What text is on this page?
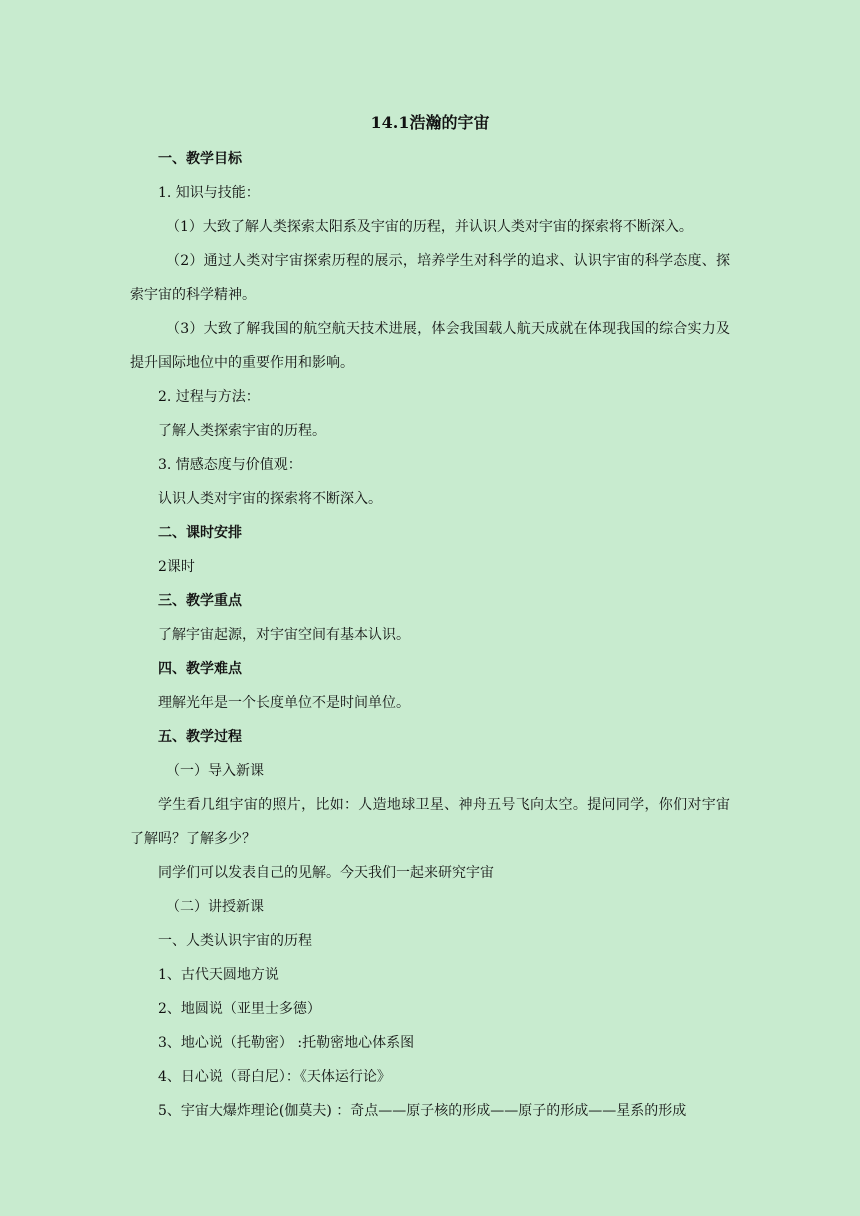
14.1浩瀚的宇宙

一、教学目标

1. 知识与技能：

（1）大致了解人类探索太阳系及宇宙的历程，并认识人类对宇宙的探索将不断深入。

（2）通过人类对宇宙探索历程的展示，培养学生对科学的追求、认识宇宙的科学态度、探索宇宙的科学精神。

（3）大致了解我国的航空航天技术进展，体会我国载人航天成就在体现我国的综合实力及提升国际地位中的重要作用和影响。

2. 过程与方法：

了解人类探索宇宙的历程。

3. 情感态度与价值观：

认识人类对宇宙的探索将不断深入。

二、课时安排

2课时

三、教学重点

了解宇宙起源，对宇宙空间有基本认识。

四、教学难点

理解光年是一个长度单位不是时间单位。

五、教学过程

（一）导入新课

学生看几组宇宙的照片，比如：人造地球卫星、神舟五号飞向太空。提问同学，你们对宇宙了解吗？了解多少？

同学们可以发表自己的见解。今天我们一起来研究宇宙

（二）讲授新课

一、人类认识宇宙的历程

1、古代天圆地方说

2、地圆说（亚里士多德）

3、地心说（托勒密） :托勒密地心体系图

4、日心说（哥白尼）：《天体运行论》

5、宇宙大爆炸理论(伽莫夫) ：奇点——原子核的形成——原子的形成——星系的形成
